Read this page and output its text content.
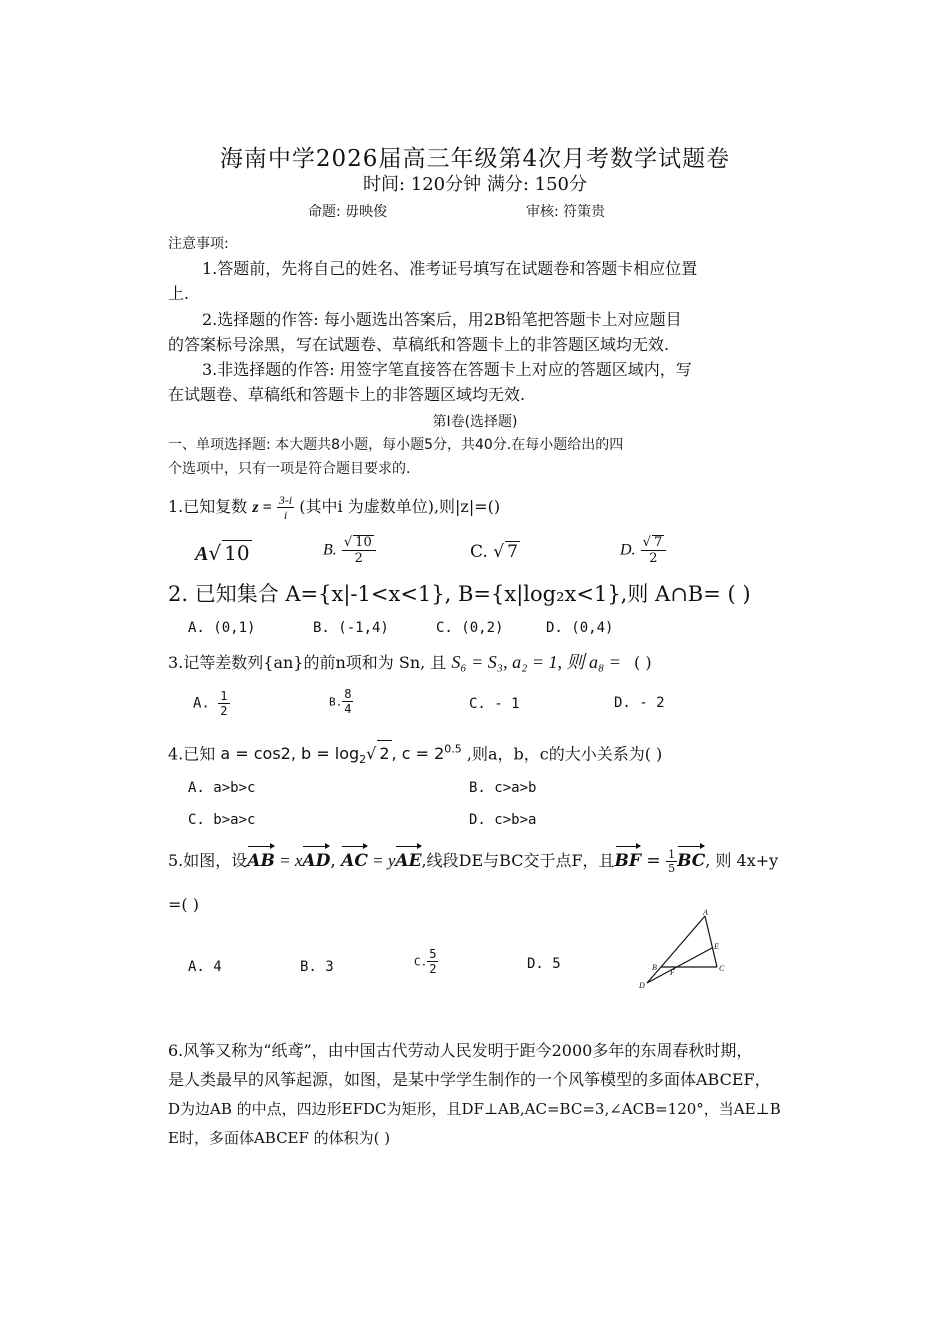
海南中学2026届高三年级第4次月考数学试题卷
时间: 120分钟 满分: 150分
命题: 毋映俊	审核: 符策贵
注意事项:
1.答题前，先将自己的姓名、准考证号填写在试题卷和答题卡相应位置
上.
2.选择题的作答: 每小题选出答案后，用2B铅笔把答题卡上对应题目
的答案标号涂黑，写在试题卷、草稿纸和答题卡上的非答题区域均无效.
3.非选择题的作答: 用签字笔直接答在答题卡上对应的答题区域内，写
在试题卷、草稿纸和答题卡上的非答题区域均无效.
第Ⅰ卷(选择题)
一、单项选择题: 本大题共8小题，每小题5分，共40分.在每小题给出的四
个选项中，只有一项是符合题目要求的.
1.已知复数 $z = \frac{3-i}{i}$ (其中i 为虚数单位),则|z|=()
A√ 10	B. $\frac{√ 10}{2}$	C. √ 7	D. $\frac{√ 7}{2}$
2. 已知集合 A={x|-1<x<1}, B={x|log₂x<1},则 A∩B= ( )
A. (0,1)	B. (-1,4)	C. (0,2)	D. (0,4)
3.记等差数列{an}的前n项和为 Sn, 且 S₆ = S₃, a₂ = 1, 则 a₈ = ( )
A. $\frac{1}{2}$	B. $\frac{8}{4}$	C. - 1	D. - 2
4.已知 a = cos2, $b = \log_2√$ 2 , $c = 2^{0.5}$ ,则a，b，c的大小关系为( )
A. a>b>c	B. c>a>b
C. b>a>c	D. c>b>a
5.如图，设AB = xAD, AC = yAE,线段DE与BC交于点F，且BF = $\frac{1}{5}$ BC, 则 4x+y
=( )
A. 4	B. 3	C. $\frac{5}{2}$	D. 5
A
B	C
D
E
F
6.风筝又称为“纸鸢”，由中国古代劳动人民发明于距今2000多年的东周春秋时期，
是人类最早的风筝起源，如图，是某中学学生制作的一个风筝模型的多面体ABCEF，
D为边AB 的中点，四边形EFDC为矩形，且DF⊥AB,AC=BC=3,∠ACB=120°，当AE⊥B
E时，多面体ABCEF 的体积为( )
